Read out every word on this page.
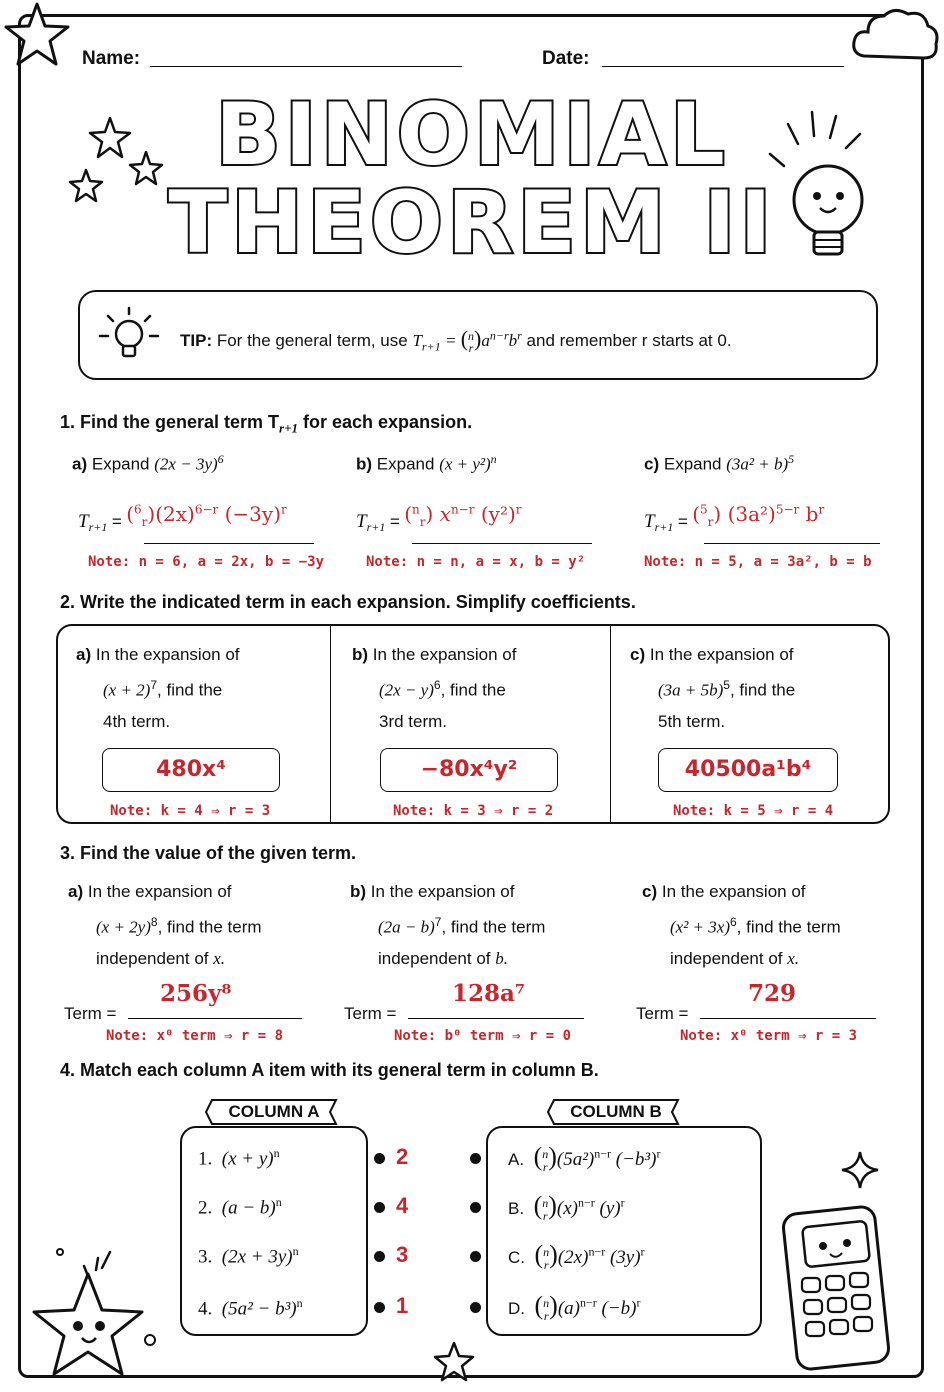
Name:	Date:
BINOMIAL
THEOREM II
TIP: For the general term, use $T_{r+1} = (n$
$r)a^{n-r}b^r$ and remember r starts at 0.
1. Find the general term $T_{r+1}$ for each expansion.
a) Expand $(2x - 3y)^6$
$T_{r+1} = (^6_r)(2x)^{6-r}$ $(-3y)^r$
Note: n = 6, a = 2x, b = −3y
b) Expand $(x + y^2)^n$
$T_{r+1} = (^n_r)$ $x^{n-r}$ $(y^2)^r$
Note: n = n, a = x, b = y²
c) Expand $(3a^2 + b)^5$
$T_{r+1} = (^5_r)$ $(3a^2)^{5-r}$ $b^r$
Note: n = 5, a = 3a², b = b
2. Write the indicated term in each expansion. Simplify coefficients.
a) In the expansion of
$(x + 2)^7$, find the
4th term.
480x⁴
Note: k = 4 ⇒ r = 3
b) In the expansion of
$(2x - y)^6$, find the
3rd term.
−80x⁴y²
Note: k = 3 ⇒ r = 2
c) In the expansion of
$(3a + 5b)^5$, find the
5th term.
40500a¹b⁴
Note: k = 5 ⇒ r = 4
3. Find the value of the given term.
a) In the expansion of
$(x + 2y)^8$, find the term
independent of x.
256y⁸
Term =
Note: x⁰ term ⇒ r = 8
b) In the expansion of
$(2a - b)^7$, find the term
independent of b.
128a⁷
Term =
Note: b⁰ term ⇒ r = 0
c) In the expansion of
$(x^2 + 3x)^6$, find the term
independent of x.
729
Term =
Note: x⁰ term ⇒ r = 3
4. Match each column A item with its general term in column B.
COLUMN A	COLUMN B
1. $(x + y)^n$
2. $(a - b)^n$
3. $(2x + 3y)^n$
4. $(5a^2 - b^3)^n$
2
4
3
1
A. (n
$r)(5a^2)^{n-r}$ $(-b^3)^r$
B. (n
$r)(x)^{n-r}$ $(y)^r$
C. (n
$r)(2x)^{n-r}$ $(3y)^r$
D. (n
$r)(a)^{n-r}$ $(-b)^r$
